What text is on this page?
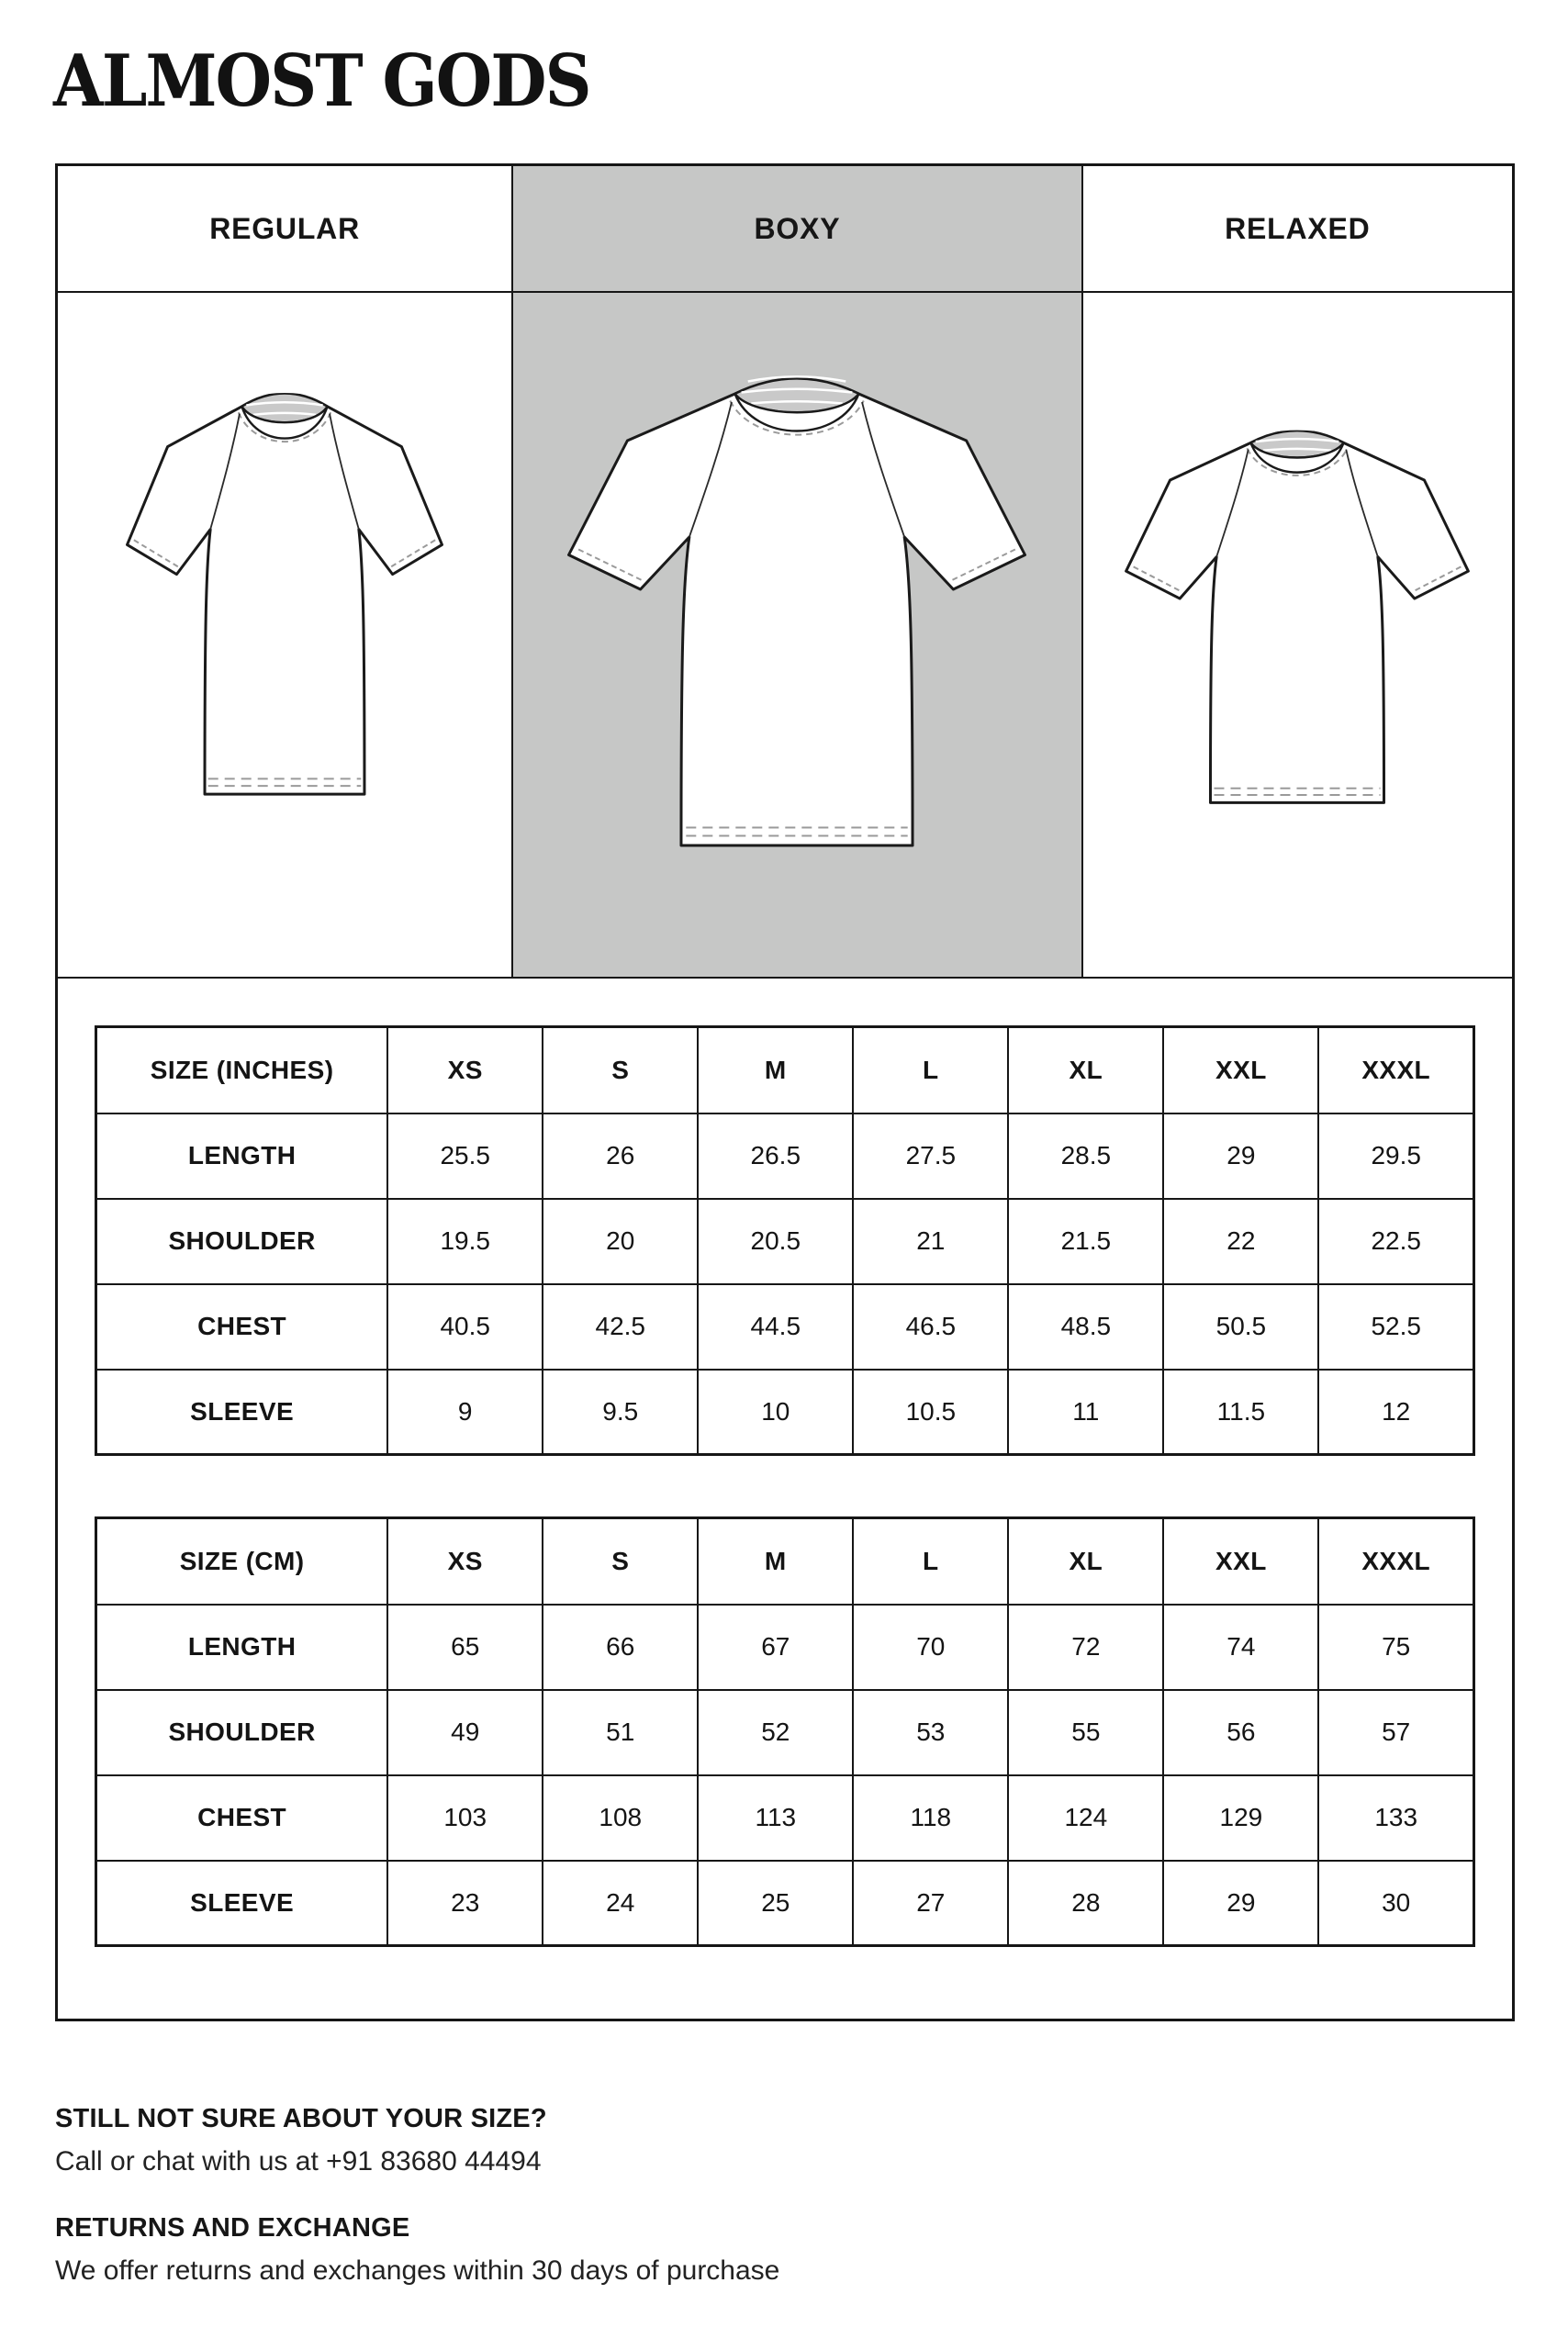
ALMOST GODS
REGULAR	BOXY	RELAXED
SIZE (INCHES)	XS	S	M	L	XL	XXL	XXXL
LENGTH	25.5	26	26.5	27.5	28.5	29	29.5
SHOULDER	19.5	20	20.5	21	21.5	22	22.5
CHEST	40.5	42.5	44.5	46.5	48.5	50.5	52.5
SLEEVE	9	9.5	10	10.5	11	11.5	12
SIZE (CM)	XS	S	M	L	XL	XXL	XXXL
LENGTH	65	66	67	70	72	74	75
SHOULDER	49	51	52	53	55	56	57
CHEST	103	108	113	118	124	129	133
SLEEVE	23	24	25	27	28	29	30
STILL NOT SURE ABOUT YOUR SIZE?
Call or chat with us at +91 83680 44494
RETURNS AND EXCHANGE
We offer returns and exchanges within 30 days of purchase
